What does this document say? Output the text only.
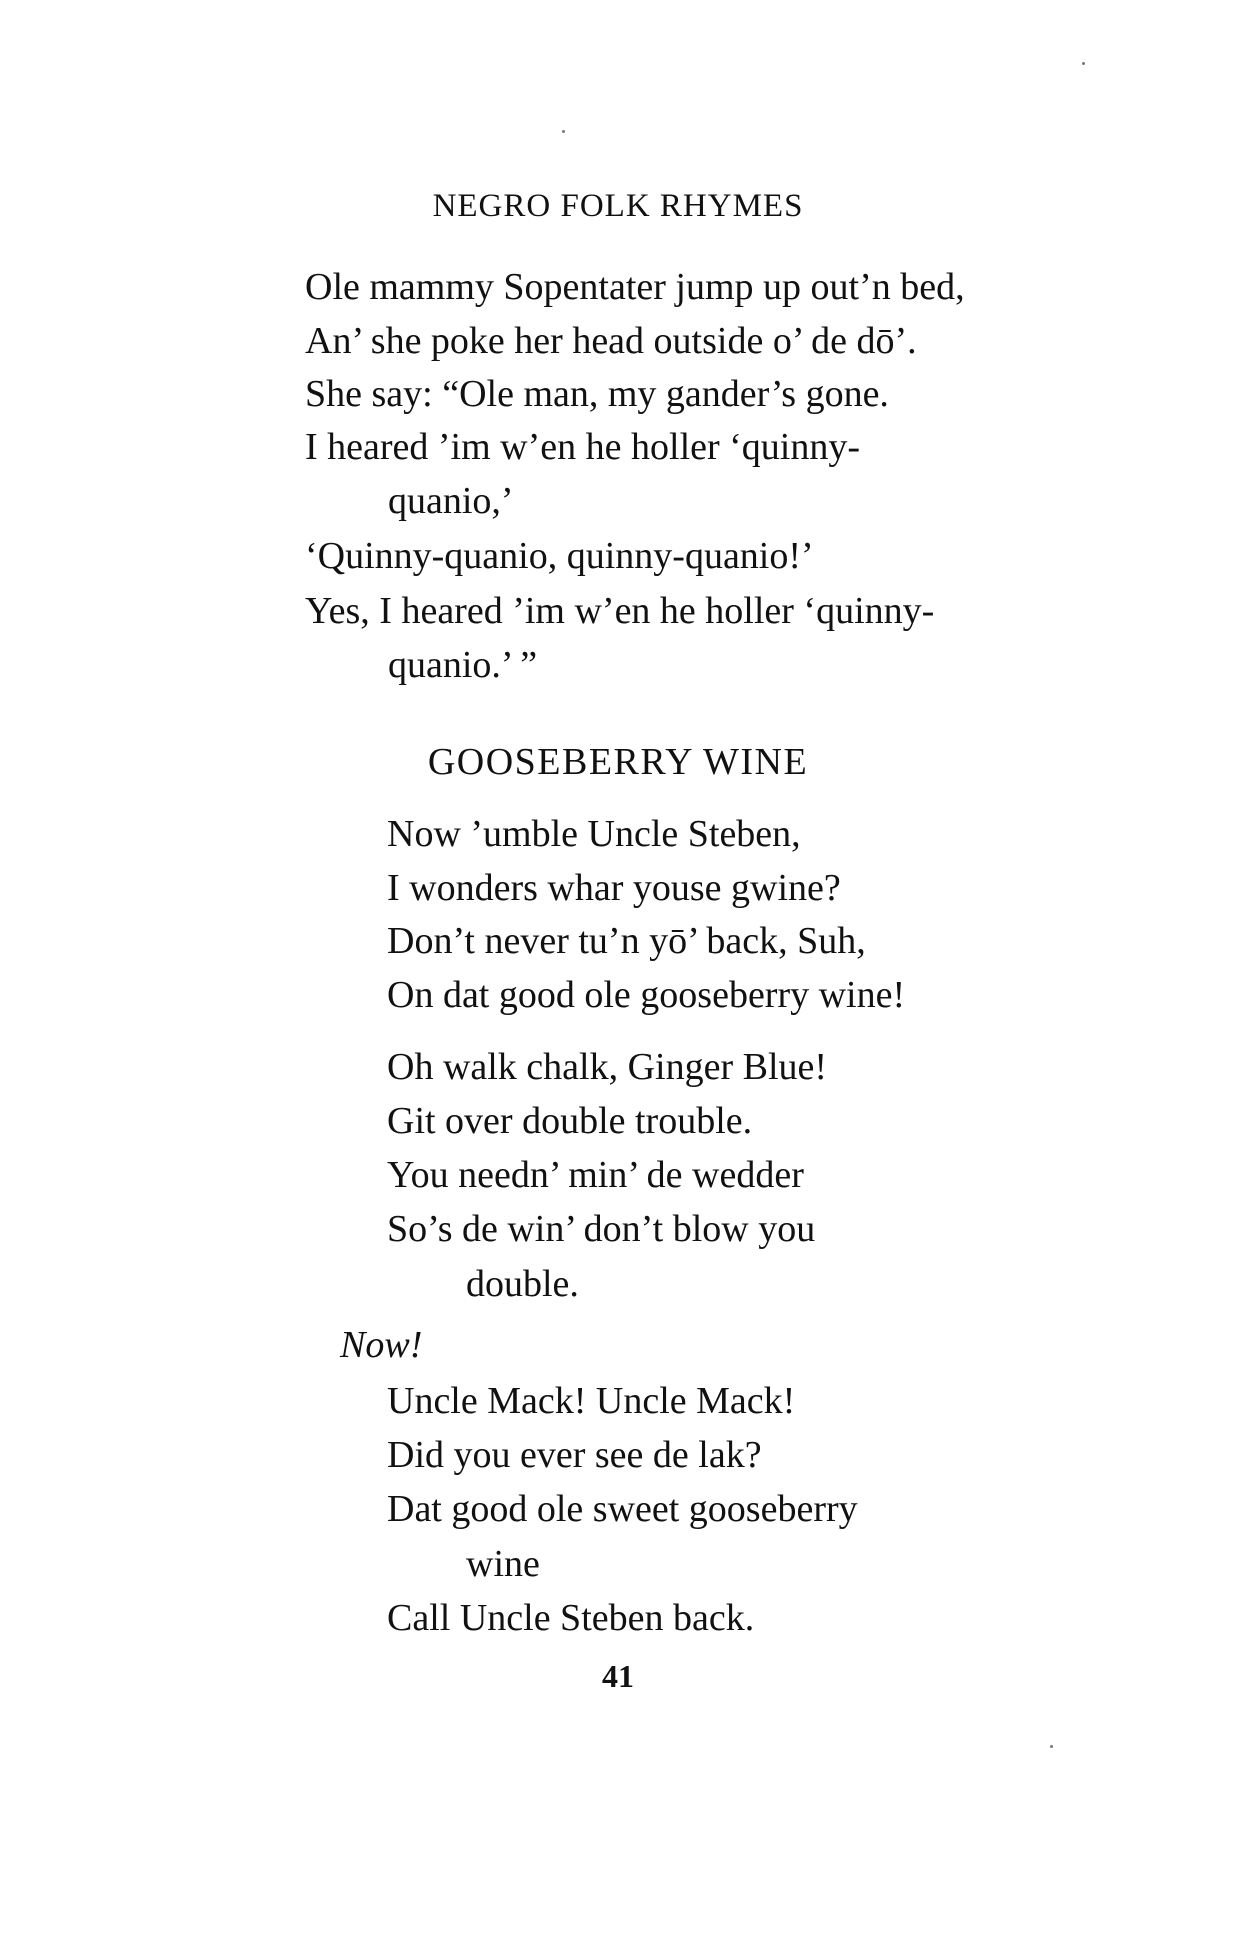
NEGRO FOLK RHYMES
Ole mammy Sopentater jump up out’n bed,
An’ she poke her head outside o’ de dō’.
She say: “Ole man, my gander’s gone.
I heared ’im w’en he holler ‘quinny-
quanio,’
‘Quinny-quanio, quinny-quanio!’
Yes, I heared ’im w’en he holler ‘quinny-
quanio.’ ”
GOOSEBERRY WINE
Now ’umble Uncle Steben,
I wonders whar youse gwine?
Don’t never tu’n yō’ back, Suh,
On dat good ole gooseberry wine!
Oh walk chalk, Ginger Blue!
Git over double trouble.
You needn’ min’ de wedder
So’s de win’ don’t blow you
double.
Now!
Uncle Mack! Uncle Mack!
Did you ever see de lak?
Dat good ole sweet gooseberry
wine
Call Uncle Steben back.
41
